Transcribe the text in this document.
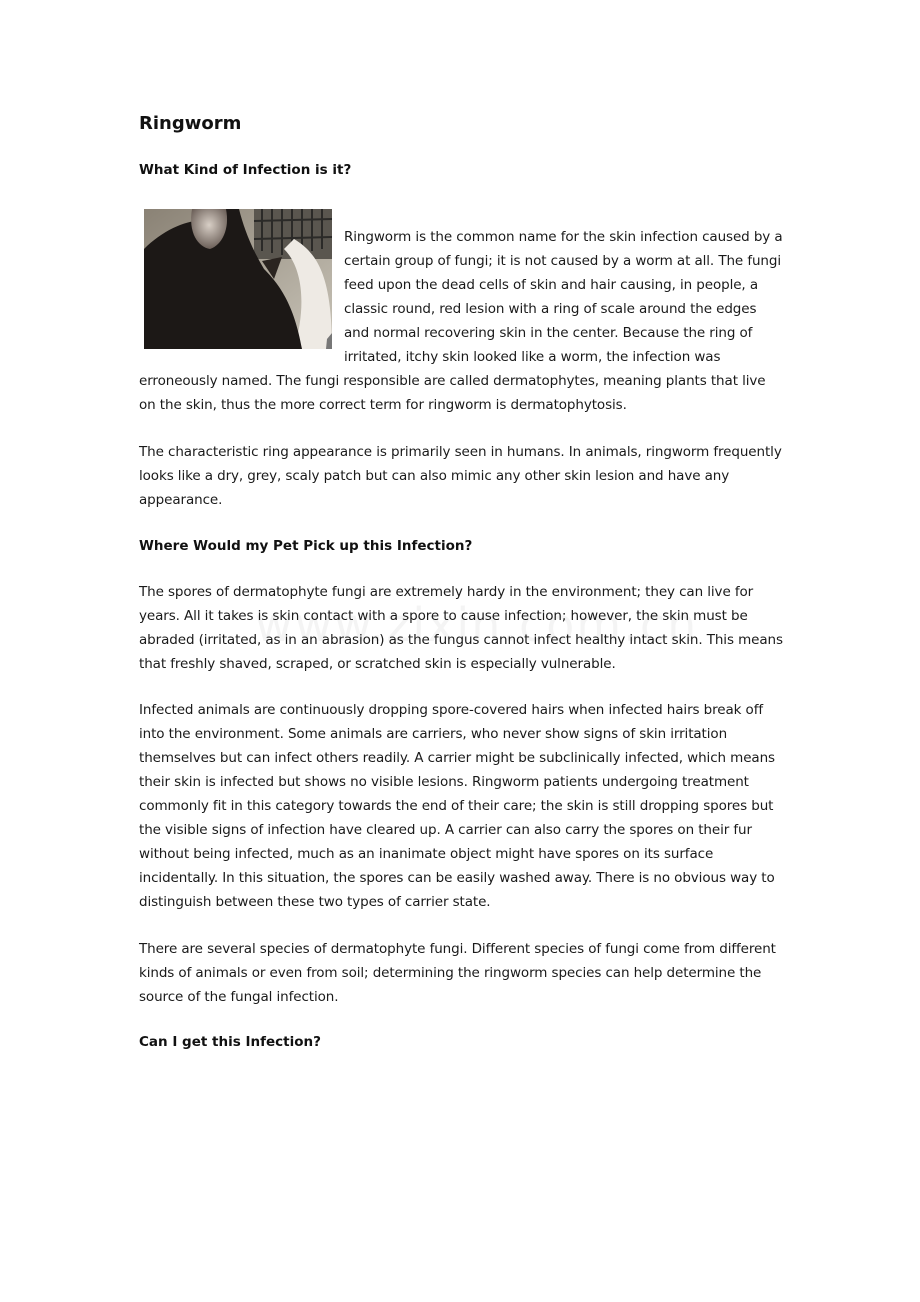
Ringworm
What Kind of Infection is it?

Ringworm is the common name for the skin infection caused by a certain group of fungi; it is not caused by a worm at all. The fungi feed upon the dead cells of skin and hair causing, in people, a classic round, red lesion with a ring of scale around the edges and normal recovering skin in the center. Because the ring of irritated, itchy skin looked like a worm, the infection was erroneously named. The fungi responsible are called dermatophytes, meaning plants that live on the skin, thus the more correct term for ringworm is dermatophytosis.

The characteristic ring appearance is primarily seen in humans. In animals, ringworm frequently looks like a dry, grey, scaly patch but can also mimic any other skin lesion and have any appearance.

Where Would my Pet Pick up this Infection?

The spores of dermatophyte fungi are extremely hardy in the environment; they can live for years. All it takes is skin contact with a spore to cause infection; however, the skin must be abraded (irritated, as in an abrasion) as the fungus cannot infect healthy intact skin. This means that freshly shaved, scraped, or scratched skin is especially vulnerable.

Infected animals are continuously dropping spore-covered hairs when infected hairs break off into the environment. Some animals are carriers, who never show signs of skin irritation themselves but can infect others readily. A carrier might be subclinically infected, which means their skin is infected but shows no visible lesions. Ringworm patients undergoing treatment commonly fit in this category towards the end of their care; the skin is still dropping spores but the visible signs of infection have cleared up. A carrier can also carry the spores on their fur without being infected, much as an inanimate object might have spores on its surface incidentally. In this situation, the spores can be easily washed away. There is no obvious way to distinguish between these two types of carrier state.

There are several species of dermatophyte fungi. Different species of fungi come from different kinds of animals or even from soil; determining the ringworm species can help determine the source of the fungal infection.

Can I get this Infection?
